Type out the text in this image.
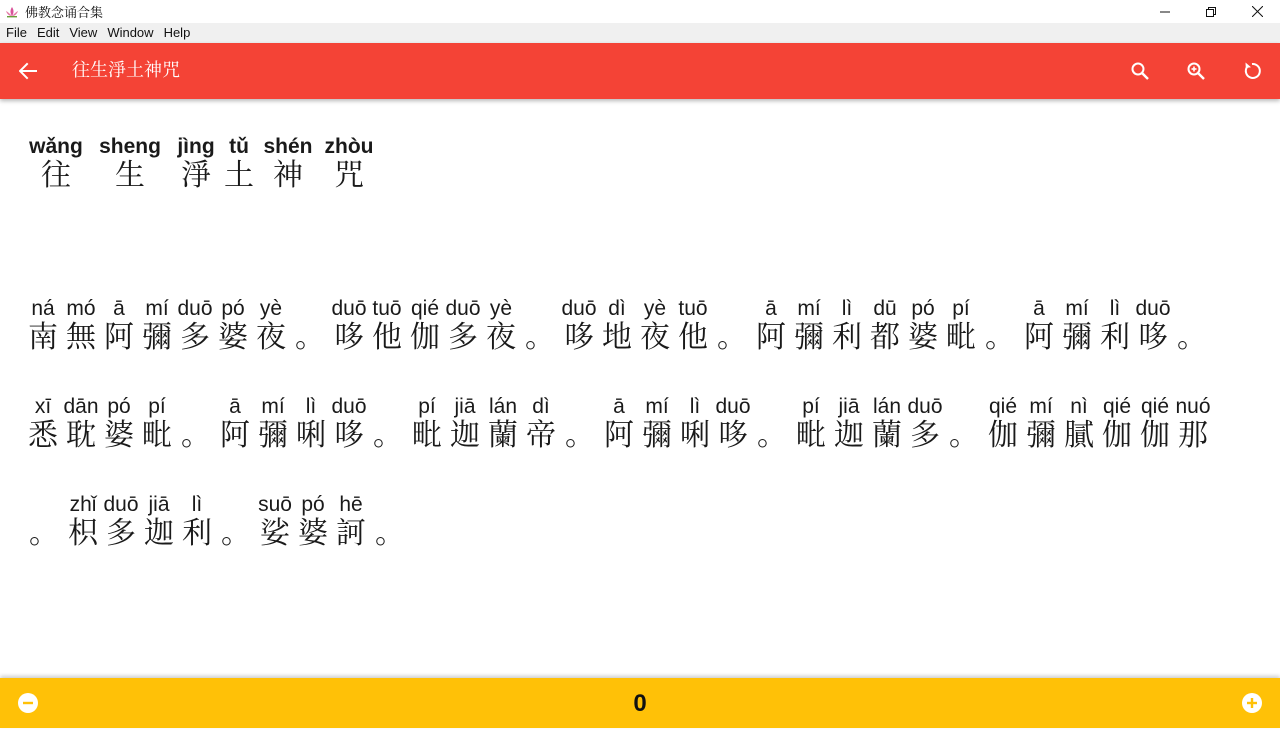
佛教念诵合集
File Edit View Window Help
往生淨土神咒
wǎng
往
sheng
生
jìng
淨
tǔ
土
shén
神
zhòu
咒
ná
南
mó
無
ā
阿
mí
彌
duō
多
pó
婆
yè
夜
。
duō
哆
tuō
他
qié
伽
duō
多
yè
夜
。
duō
哆
dì
地
yè
夜
tuō
他
。
ā
阿
mí
彌
lì
利
dū
都
pó
婆
pí
毗
。
ā
阿
mí
彌
lì
利
duō
哆
。
xī
悉
dān
耽
pó
婆
pí
毗
。
ā
阿
mí
彌
lì
唎
duō
哆
。
pí
毗
jiā
迦
lán
蘭
dì
帝
。
ā
阿
mí
彌
lì
唎
duō
哆
。
pí
毗
jiā
迦
lán
蘭
duō
多
。
qié
伽
mí
彌
nì
膩
qié
伽
qié
伽
nuó
那

。
zhǐ
枳
duō
多
jiā
迦
lì
利
。
suō
娑
pó
婆
hē
訶
。
0
